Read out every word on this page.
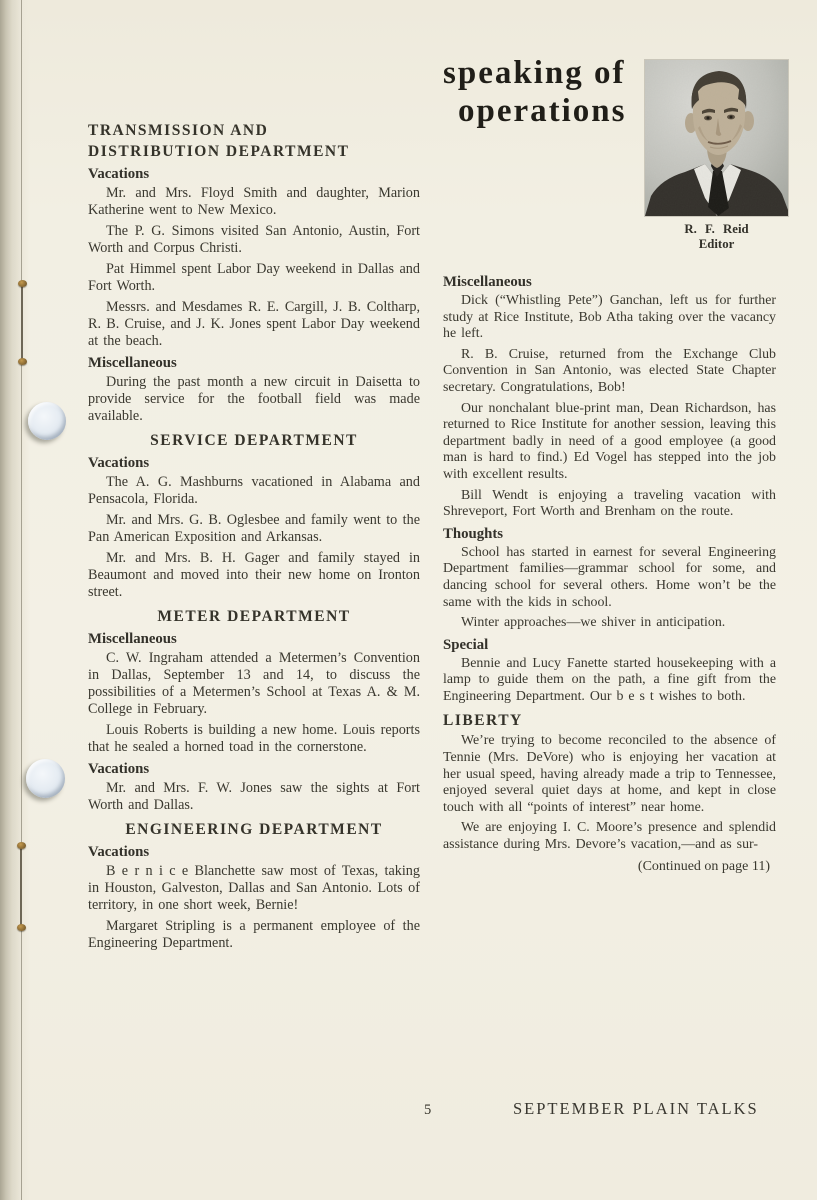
TRANSMISSION AND
DISTRIBUTION DEPARTMENT
Vacations

Mr. and Mrs. Floyd Smith and daughter, Marion Katherine went to New Mexico.

The P. G. Simons visited San Antonio, Austin, Fort Worth and Corpus Christi.

Pat Himmel spent Labor Day weekend in Dallas and Fort Worth.

Messrs. and Mesdames R. E. Cargill, J. B. Coltharp, R. B. Cruise, and J. K. Jones spent Labor Day weekend at the beach.

Miscellaneous

During the past month a new circuit in Daisetta to provide service for the football field was made available.

SERVICE DEPARTMENT
Vacations

The A. G. Mashburns vacationed in Alabama and Pensacola, Florida.

Mr. and Mrs. G. B. Oglesbee and family went to the Pan American Exposition and Arkansas.

Mr. and Mrs. B. H. Gager and family stayed in Beaumont and moved into their new home on Ironton street.

METER DEPARTMENT
Miscellaneous

C. W. Ingraham attended a Metermen’s Convention in Dallas, September 13 and 14, to discuss the possibilities of a Metermen’s School at Texas A. & M. College in February.

Louis Roberts is building a new home. Louis reports that he sealed a horned toad in the cornerstone.

Vacations

Mr. and Mrs. F. W. Jones saw the sights at Fort Worth and Dallas.

ENGINEERING DEPARTMENT
Vacations

B e r n i c e Blanchette saw most of Texas, taking in Houston, Galveston, Dallas and San Antonio. Lots of territory, in one short week, Bernie!

Margaret Stripling is a permanent employee of the Engineering Department.

speaking of
operations
R. F. Reid
Editor
Miscellaneous

Dick (“Whistling Pete”) Ganchan, left us for further study at Rice Institute, Bob Atha taking over the vacancy he left.

R. B. Cruise, returned from the Exchange Club Convention in San Antonio, was elected State Chapter secretary. Congratulations, Bob!

Our nonchalant blue-print man, Dean Richardson, has returned to Rice Institute for another session, leaving this department badly in need of a good employee (a good man is hard to find.) Ed Vogel has stepped into the job with excellent results.

Bill Wendt is enjoying a traveling vacation with Shreveport, Fort Worth and Brenham on the route.

Thoughts

School has started in earnest for several Engineering Department families—grammar school for some, and dancing school for several others. Home won’t be the same with the kids in school.

Winter approaches—we shiver in anticipation.

Special

Bennie and Lucy Fanette started housekeeping with a lamp to guide them on the path, a fine gift from the Engineering Department. Our b e s t wishes to both.

LIBERTY

We’re trying to become reconciled to the absence of Tennie (Mrs. DeVore) who is enjoying her vacation at her usual speed, having already made a trip to Tennessee, enjoyed several quiet days at home, and kept in close touch with all “points of interest” near home.

We are enjoying I. C. Moore’s presence and splendid assistance during Mrs. Devore’s vacation,—and as sur-

(Continued on page 11)
5	SEPTEMBER PLAIN TALKS
